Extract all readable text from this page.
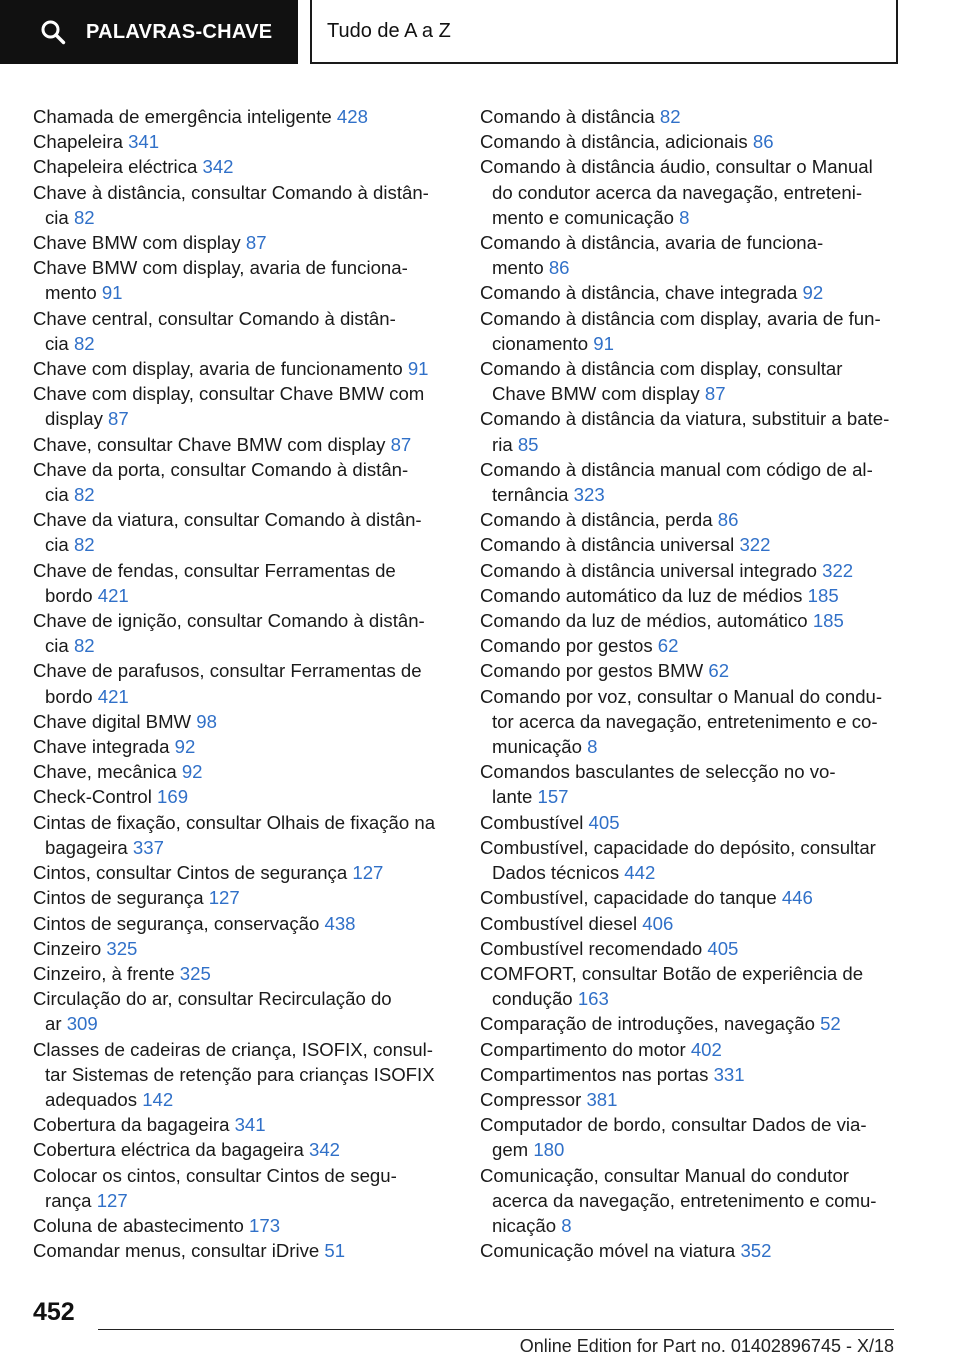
PALAVRAS-CHAVE	Tudo de A a Z
Chamada de emergência inteligente 428
Chapeleira 341
Chapeleira eléctrica 342
Chave à distância, consultar Comando à distân-
cia 82
Chave BMW com display 87
Chave BMW com display, avaria de funciona-
mento 91
Chave central, consultar Comando à distân-
cia 82
Chave com display, avaria de funcionamento 91
Chave com display, consultar Chave BMW com
display 87
Chave, consultar Chave BMW com display 87
Chave da porta, consultar Comando à distân-
cia 82
Chave da viatura, consultar Comando à distân-
cia 82
Chave de fendas, consultar Ferramentas de
bordo 421
Chave de ignição, consultar Comando à distân-
cia 82
Chave de parafusos, consultar Ferramentas de
bordo 421
Chave digital BMW 98
Chave integrada 92
Chave, mecânica 92
Check-Control 169
Cintas de fixação, consultar Olhais de fixação na
bagageira 337
Cintos, consultar Cintos de segurança 127
Cintos de segurança 127
Cintos de segurança, conservação 438
Cinzeiro 325
Cinzeiro, à frente 325
Circulação do ar, consultar Recirculação do
ar 309
Classes de cadeiras de criança, ISOFIX, consul-
tar Sistemas de retenção para crianças ISOFIX
adequados 142
Cobertura da bagageira 341
Cobertura eléctrica da bagageira 342
Colocar os cintos, consultar Cintos de segu-
rança 127
Coluna de abastecimento 173
Comandar menus, consultar iDrive 51
Comando à distância 82
Comando à distância, adicionais 86
Comando à distância áudio, consultar o Manual
do condutor acerca da navegação, entreteni-
mento e comunicação 8
Comando à distância, avaria de funciona-
mento 86
Comando à distância, chave integrada 92
Comando à distância com display, avaria de fun-
cionamento 91
Comando à distância com display, consultar
Chave BMW com display 87
Comando à distância da viatura, substituir a bate-
ria 85
Comando à distância manual com código de al-
ternância 323
Comando à distância, perda 86
Comando à distância universal 322
Comando à distância universal integrado 322
Comando automático da luz de médios 185
Comando da luz de médios, automático 185
Comando por gestos 62
Comando por gestos BMW 62
Comando por voz, consultar o Manual do condu-
tor acerca da navegação, entretenimento e co-
municação 8
Comandos basculantes de selecção no vo-
lante 157
Combustível 405
Combustível, capacidade do depósito, consultar
Dados técnicos 442
Combustível, capacidade do tanque 446
Combustível diesel 406
Combustível recomendado 405
COMFORT, consultar Botão de experiência de
condução 163
Comparação de introduções, navegação 52
Compartimento do motor 402
Compartimentos nas portas 331
Compressor 381
Computador de bordo, consultar Dados de via-
gem 180
Comunicação, consultar Manual do condutor
acerca da navegação, entretenimento e comu-
nicação 8
Comunicação móvel na viatura 352
452
Online Edition for Part no. 01402896745 - X/18
